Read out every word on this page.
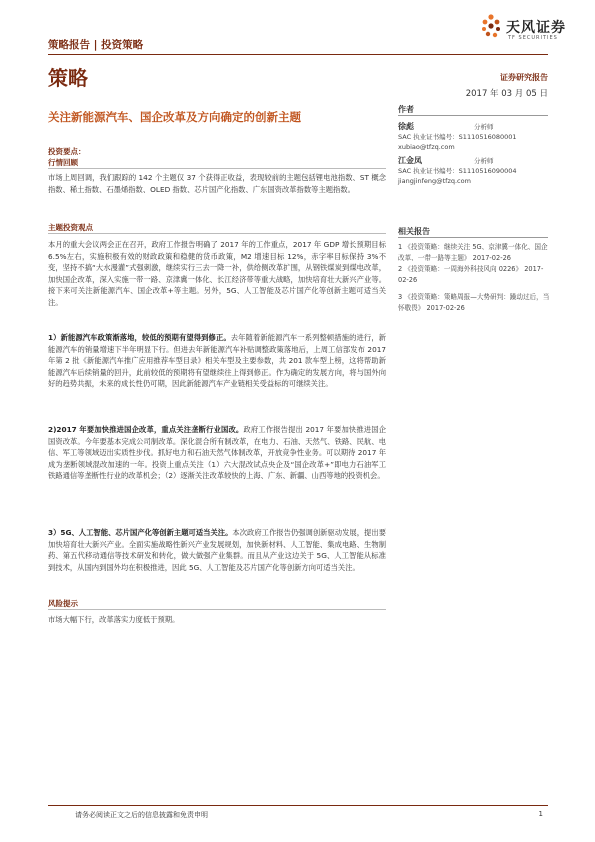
策略报告 | 投资策略
天风证券
TF SECURITIES
策略	证券研究报告
2017 年 03 月 05 日
关注新能源汽车、国企改革及方向确定的创新主题
作者
徐彪	分析师
SAC 执业证书编号：S1110516080001
xubiao@tfzq.com
江金凤	分析师
SAC 执业证书编号：S1110516090004
jiangjinfeng@tfzq.com
相关报告
1 《投资策略：继续关注 5G、京津冀一体化、国企改革、一带一路等主题》 2017-02-26
2 《投资策略：一周海外科技风向 0226》 2017-02-26
3 《投资策略：策略周报—大势研判：躁动过后，当怀敬畏》 2017-02-26
投资要点：
行情回顾
市场上周回调，我们跟踪的 142 个主题仅 37 个获得正收益，表现较前的主题包括锂电池指数、ST 概念指数、稀土指数、石墨烯指数、OLED 指数、芯片国产化指数、广东国资改革指数等主题指数。
主题投资观点
本月的重大会议两会正在召开，政府工作报告明确了 2017 年的工作重点，2017 年 GDP 增长预期目标 6.5%左右，实施积极有效的财政政策和稳健的货币政策，M2 增速目标 12%，赤字率目标保持 3%不变，坚持不搞“大水漫灌”式强刺激，继续实行三去一降一补，供给侧改革扩围，从钢铁煤炭到煤电改革，加快国企改革，深入实施一带一路、京津冀一体化、长江经济带等重大战略，加快培育壮大新兴产业等。接下来可关注新能源汽车、国企改革+等主题。另外，5G、人工智能及芯片国产化等创新主题可适当关注。
1）新能源汽车政策渐落地，较低的预期有望得到修正。去年随着新能源汽车一系列整顿措施的进行，新能源汽车的销量增速下半年明显下行。但进去年新能源汽车补贴调整政策落地后，上周工信部发布 2017 年第 2 批《新能源汽车推广应用推荐车型目录》相关车型及主要参数，共 201 款车型上榜，这将帮助新能源汽车后续销量的回升，此前较低的预期将有望继续往上得到修正。作为确定的发展方向，将与国外向好的趋势共振，未来的成长性仍可期，因此新能源汽车产业链相关受益标的可继续关注。
2)2017 年要加快推进国企改革，重点关注垄断行业国改。政府工作报告提出 2017 年要加快推进国企国资改革。今年要基本完成公司制改革。深化混合所有制改革，在电力、石油、天然气、铁路、民航、电信、军工等领域迈出实质性步伐。抓好电力和石油天然气体制改革，开放竞争性业务。可以期待 2017 年成为垄断领域混改加速的一年。投资上重点关注（1）六大混改试点央企及“国企改革+”即电力石油军工铁路通信等垄断性行业的改革机会；（2）逐渐关注改革较快的上海、广东、新疆、山西等地的投资机会。
3）5G、人工智能、芯片国产化等创新主题可适当关注。本次政府工作报告仍强调创新驱动发展，提出要加快培育壮大新兴产业。全面实施战略性新兴产业发展规划，加快新材料、人工智能、集成电路、生物制药、第五代移动通信等技术研发和转化，做大做强产业集群。而且从产业这边关于 5G、人工智能从标准到技术，从国内到国外均在积极推进，因此 5G、人工智能及芯片国产化等创新方向可适当关注。
风险提示
市场大幅下行，改革落实力度低于预期。
请务必阅读正文之后的信息披露和免责申明	1
